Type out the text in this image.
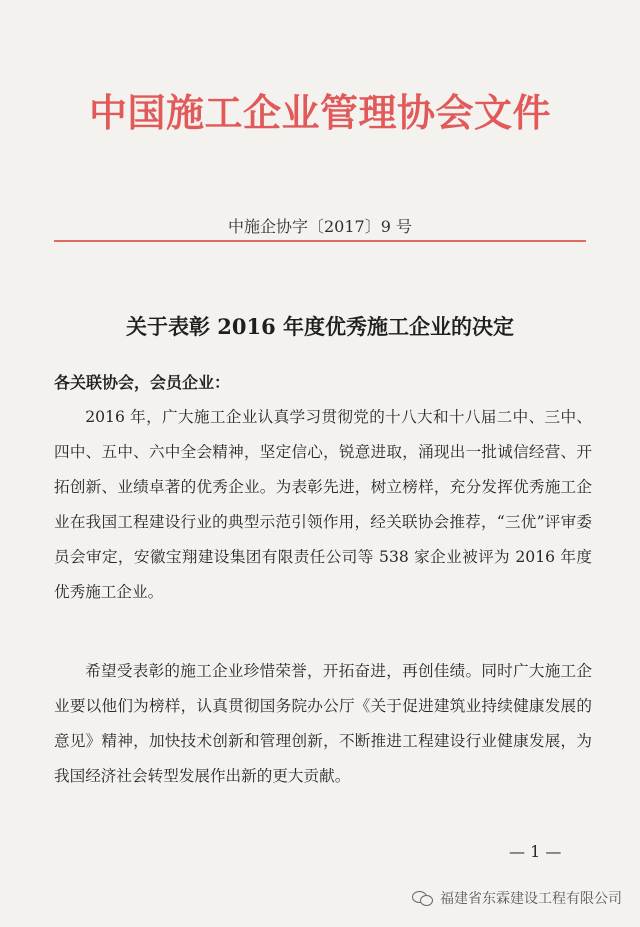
中国施工企业管理协会文件
中施企协字〔2017〕9 号
关于表彰 2016 年度优秀施工企业的决定
各关联协会，会员企业：
2016 年，广大施工企业认真学习贯彻党的十八大和十八届二中、三中、四中、五中、六中全会精神，坚定信心，锐意进取，涌现出一批诚信经营、开拓创新、业绩卓著的优秀企业。为表彰先进，树立榜样，充分发挥优秀施工企业在我国工程建设行业的典型示范引领作用，经关联协会推荐，“三优”评审委员会审定，安徽宝翔建设集团有限责任公司等 538 家企业被评为 2016 年度优秀施工企业。
希望受表彰的施工企业珍惜荣誉，开拓奋进，再创佳绩。同时广大施工企业要以他们为榜样，认真贯彻国务院办公厅《关于促进建筑业持续健康发展的意见》精神，加快技术创新和管理创新，不断推进工程建设行业健康发展，为我国经济社会转型发展作出新的更大贡献。
— 1 —
福建省东霖建设工程有限公司
